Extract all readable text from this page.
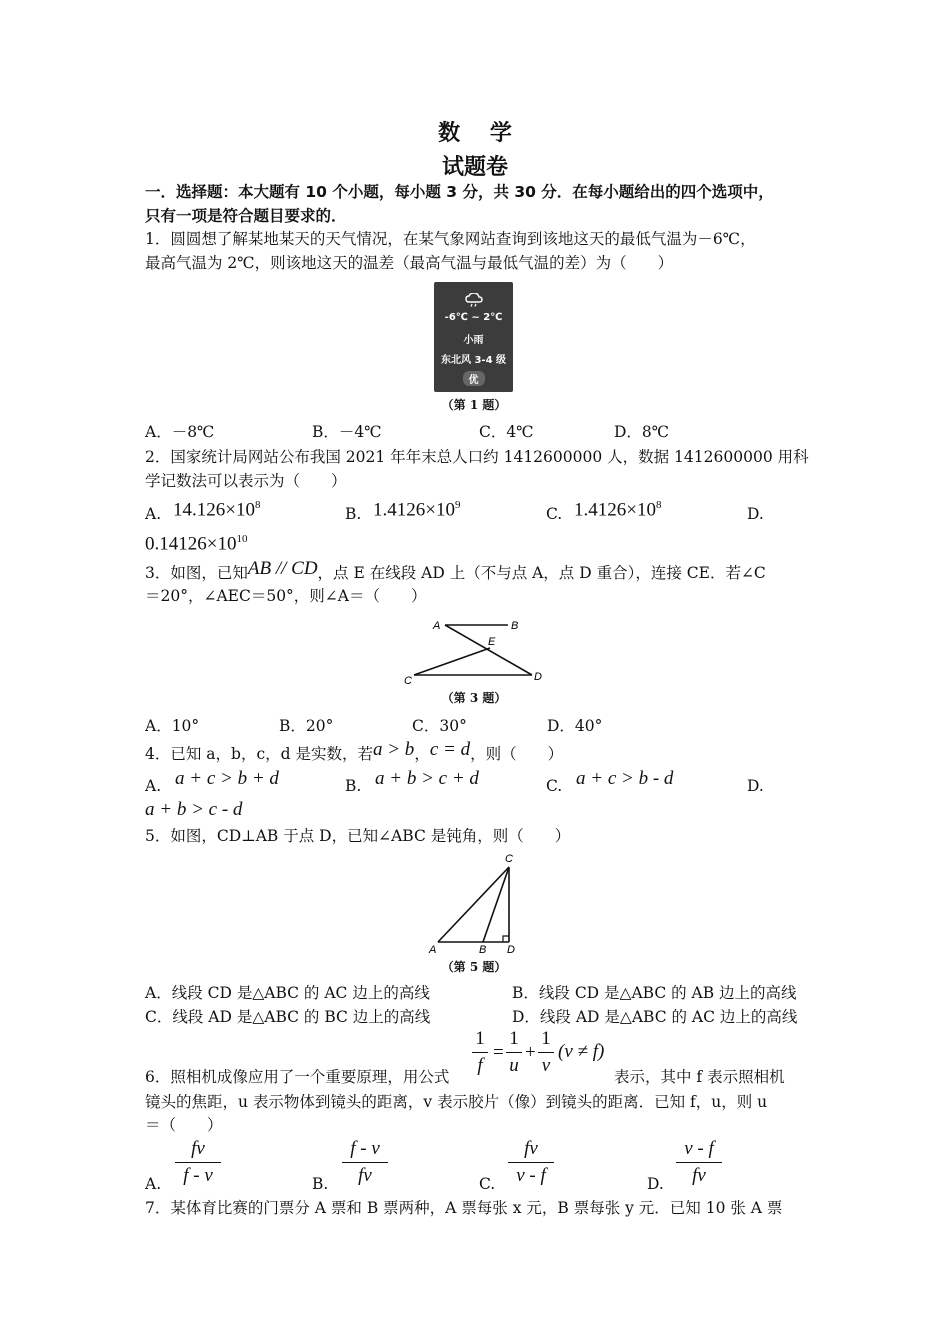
数　 学
试题卷
一．选择题：本大题有 10 个小题，每小题 3 分，共 30 分．在每小题给出的四个选项中，
只有一项是符合题目要求的．
1．圆圆想了解某地某天的天气情况，在某气象网站查询到该地这天的最低气温为－6℃，
最高气温为 2℃，则该地这天的温差（最高气温与最低气温的差）为（　　）
-6℃ ~ 2℃
小雨
东北风 3-4 级
优
（第 1 题）
A．－8℃	B．－4℃	C．4℃	D．8℃
2．国家统计局网站公布我国 2021 年年末总人口约 1412600000 人，数据 1412600000 用科
学记数法可以表示为（　　）
A. $14.126\times 10^8$	B. $1.4126\times 10^9$	C. $1.4126\times 10^8$	D.
$0.14126\times 10^{10}$
3．如图，已知AB // CD，点 E 在线段 AD 上（不与点 A，点 D 重合），连接 CE．若∠C
＝20°，∠AEC＝50°，则∠A＝（　　）
A	B
E
C	D
（第 3 题）
A．10°	B．20°	C．30°	D．40°
4．已知 a，b，c，d 是实数，若a > b，c = d，则（　　）
A. a + c > b + d	B. a + b > c + d	C. a + c > b - d	D.
a + b > c - d
5．如图，CD⊥AB 于点 D，已知∠ABC 是钝角，则（　　）
C
A	B D
（第 5 题）
A．线段 CD 是△ABC 的 AC 边上的高线	B．线段 CD 是△ABC 的 AB 边上的高线
C．线段 AD 是△ABC 的 BC 边上的高线	D．线段 AD 是△ABC 的 AC 边上的高线
1
f
=
1
u
+
1
v
(v ≠ f)
6．照相机成像应用了一个重要原理，用公式	表示，其中 f 表示照相机
镜头的焦距，u 表示物体到镜头的距离，v 表示胶片（像）到镜头的距离．已知 f，u，则 u
＝（　　）
A.
fv
f - v	B.
f - v
fv	C.
fv
v - f	D.
v - f
fv
7．某体育比赛的门票分 A 票和 B 票两种，A 票每张 x 元，B 票每张 y 元．已知 10 张 A 票
